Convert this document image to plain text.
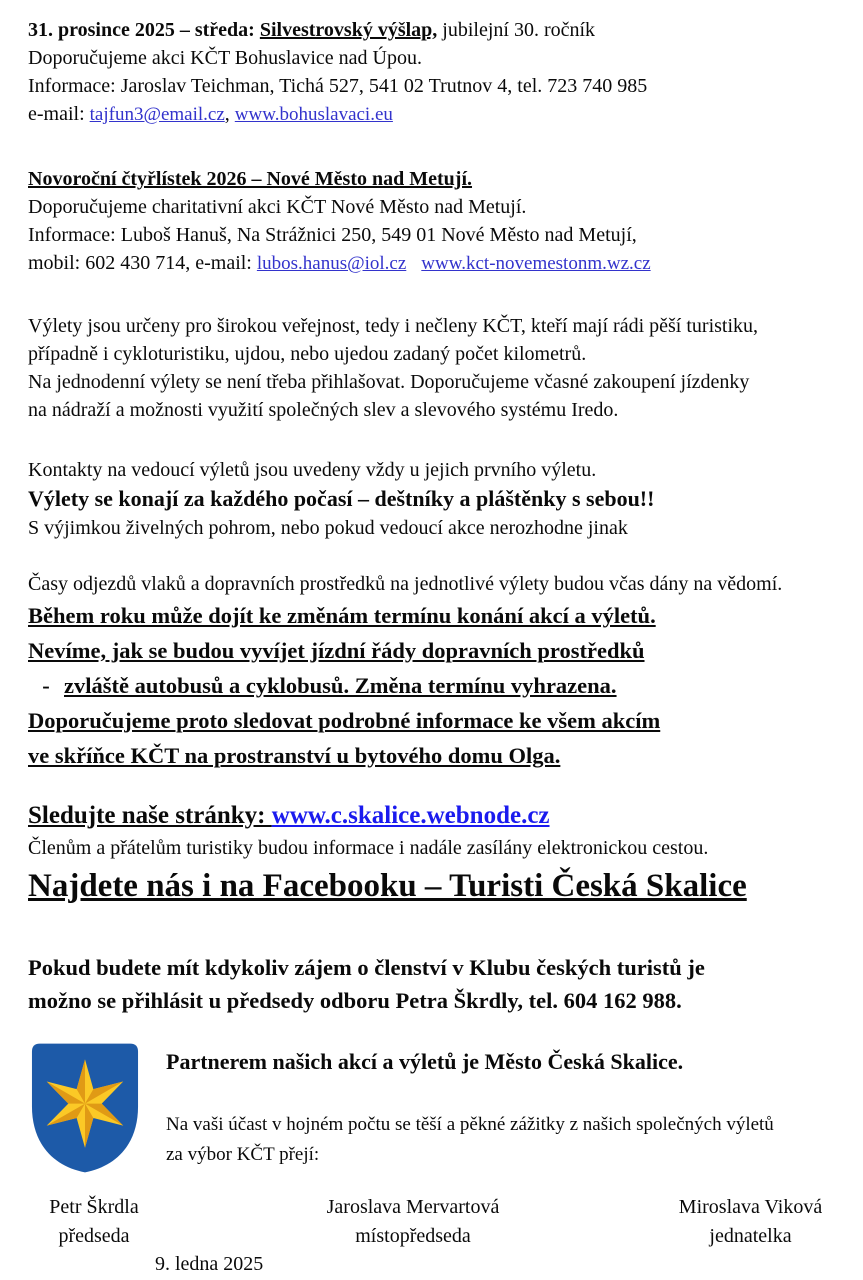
31. prosince 2025 – středa: Silvestrovský výšlap, jubilejní 30. ročník

Doporučujeme akci KČT Bohuslavice nad Úpou.

Informace: Jaroslav Teichman, Tichá 527, 541 02 Trutnov 4, tel. 723 740 985

e-mail: tajfun3@email.cz, www.bohuslavaci.eu

Novoroční čtyřlístek 2026 – Nové Město nad Metují.

Doporučujeme charitativní akci KČT Nové Město nad Metují.

Informace: Luboš Hanuš, Na Strážnici 250, 549 01 Nové Město nad Metují,

mobil: 602 430 714, e-mail: lubos.hanus@iol.cz www.kct-novemestonm.wz.cz

Výlety jsou určeny pro širokou veřejnost, tedy i nečleny KČT, kteří mají rádi pěší turistiku,

případně i cykloturistiku, ujdou, nebo ujedou zadaný počet kilometrů.

Na jednodenní výlety se není třeba přihlašovat. Doporučujeme včasné zakoupení jízdenky

na nádraží a možnosti využití společných slev a slevového systému Iredo.

Kontakty na vedoucí výletů jsou uvedeny vždy u jejich prvního výletu.

Výlety se konají za každého počasí – deštníky a pláštěnky s sebou!!

S výjimkou živelných pohrom, nebo pokud vedoucí akce nerozhodne jinak

Časy odjezdů vlaků a dopravních prostředků na jednotlivé výlety budou včas dány na vědomí.

Během roku může dojít ke změnám termínu konání akcí a výletů.

Nevíme, jak se budou vyvíjet jízdní řády dopravních prostředků

- zvláště autobusů a cyklobusů. Změna termínu vyhrazena.

Doporučujeme proto sledovat podrobné informace ke všem akcím

ve skříňce KČT na prostranství u bytového domu Olga.

Sledujte naše stránky: www.c.skalice.webnode.cz

Členům a přátelům turistiky budou informace i nadále zasílány elektronickou cestou.

Najdete nás i na Facebooku – Turisti Česká Skalice

Pokud budete mít kdykoliv zájem o členství v Klubu českých turistů je

možno se přihlásit u předsedy odboru Petra Škrdly, tel. 604 162 988.

Partnerem našich akcí a výletů je Město Česká Skalice.

Na vaši účast v hojném počtu se těší a pěkné zážitky z našich společných výletů
za výbor KČT přejí:

Petr Škrdla
předseda
Jaroslava Mervartová
místopředseda
Miroslava Viková
jednatelka

9. ledna 2025
